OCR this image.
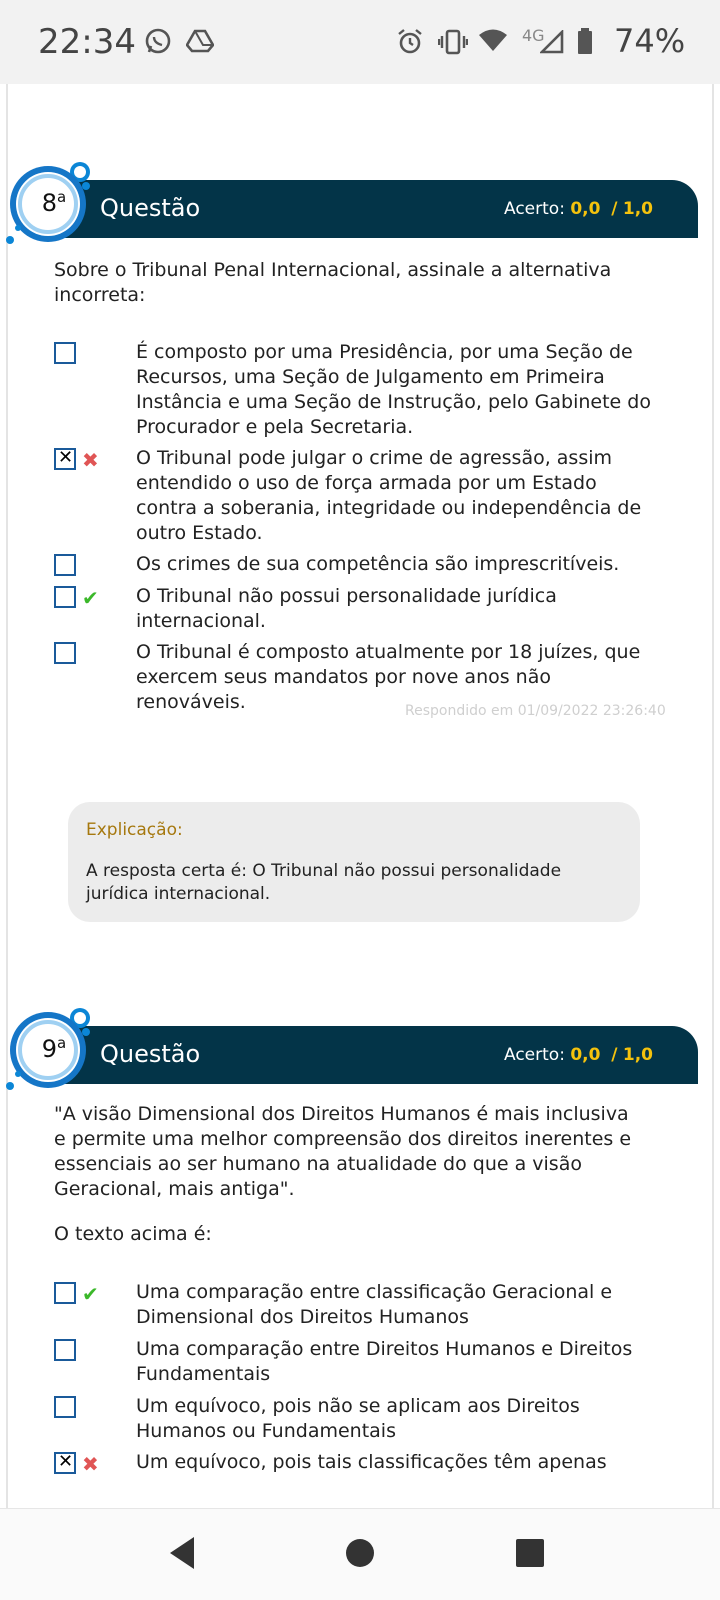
22:34	4G 74%
8$^a$	Questão	Acerto: 0,0 / 1,0
Sobre o Tribunal Penal Internacional, assinale a alternativa incorreta:
É composto por uma Presidência, por uma Seção de Recursos, uma Seção de Julgamento em Primeira Instância e uma Seção de Instrução, pelo Gabinete do Procurador e pela Secretaria.
✕
✖ O Tribunal pode julgar o crime de agressão, assim entendido o uso de força armada por um Estado contra a soberania, integridade ou independência de outro Estado.
Os crimes de sua competência são imprescritíveis.
✔ O Tribunal não possui personalidade jurídica internacional.
O Tribunal é composto atualmente por 18 juízes, que exercem seus mandatos por nove anos não renováveis.	Respondido em 01/09/2022 23:26:40
Explicação:
A resposta certa é: O Tribunal não possui personalidade jurídica internacional.
9$^a$	Questão	Acerto: 0,0 / 1,0
"A visão Dimensional dos Direitos Humanos é mais inclusiva e permite uma melhor compreensão dos direitos inerentes e essenciais ao ser humano na atualidade do que a visão Geracional, mais antiga".
O texto acima é:
✔ Uma comparação entre classificação Geracional e Dimensional dos Direitos Humanos
Uma comparação entre Direitos Humanos e Direitos Fundamentais
Um equívoco, pois não se aplicam aos Direitos Humanos ou Fundamentais
✕
✖ Um equívoco, pois tais classificações têm apenas
